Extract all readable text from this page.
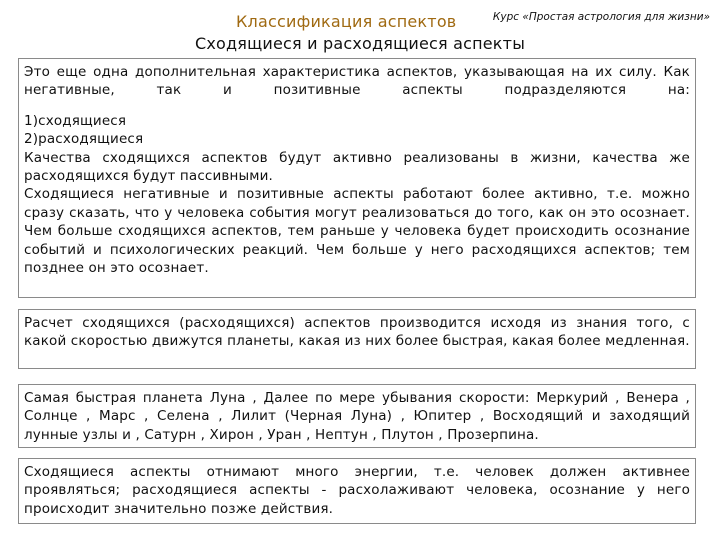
Курс «Простая астрология для жизни»
Классификация аспектов
Сходящиеся и расходящиеся аспекты

Это еще одна дополнительная характеристика аспектов, указывающая на их силу. Как

негативные, так и позитивные аспекты подразделяются на:

1)сходящиеся

2)расходящиеся

Качества сходящихся аспектов будут активно реализованы в жизни, качества же расходящихся будут пассивными.

Сходящиеся негативные и позитивные аспекты работают более активно, т.е. можно сразу сказать, что у человека события могут реализоваться до того, как он это осознает. Чем больше сходящихся аспектов, тем раньше у человека будет происходить осознание событий и психологических реакций. Чем больше у него расходящихся аспектов; тем позднее он это осознает.

Расчет сходящихся (расходящихся) аспектов производится исходя из знания того, с какой скоростью движутся планеты, какая из них более быстрая, какая более медленная.

Самая быстрая планета Луна , Далее по мере убывания скорости: Меркурий , Венера , Солнце , Марс , Селена , Лилит (Черная Луна) , Юпитер , Восходящий и заходящий лунные узлы и , Сатурн , Хирон , Уран , Нептун , Плутон , Прозерпина.

Сходящиеся аспекты отнимают много энергии, т.е. человек должен активнее проявляться; расходящиеся аспекты - расхолаживают человека, осознание у него происходит значительно позже действия.
